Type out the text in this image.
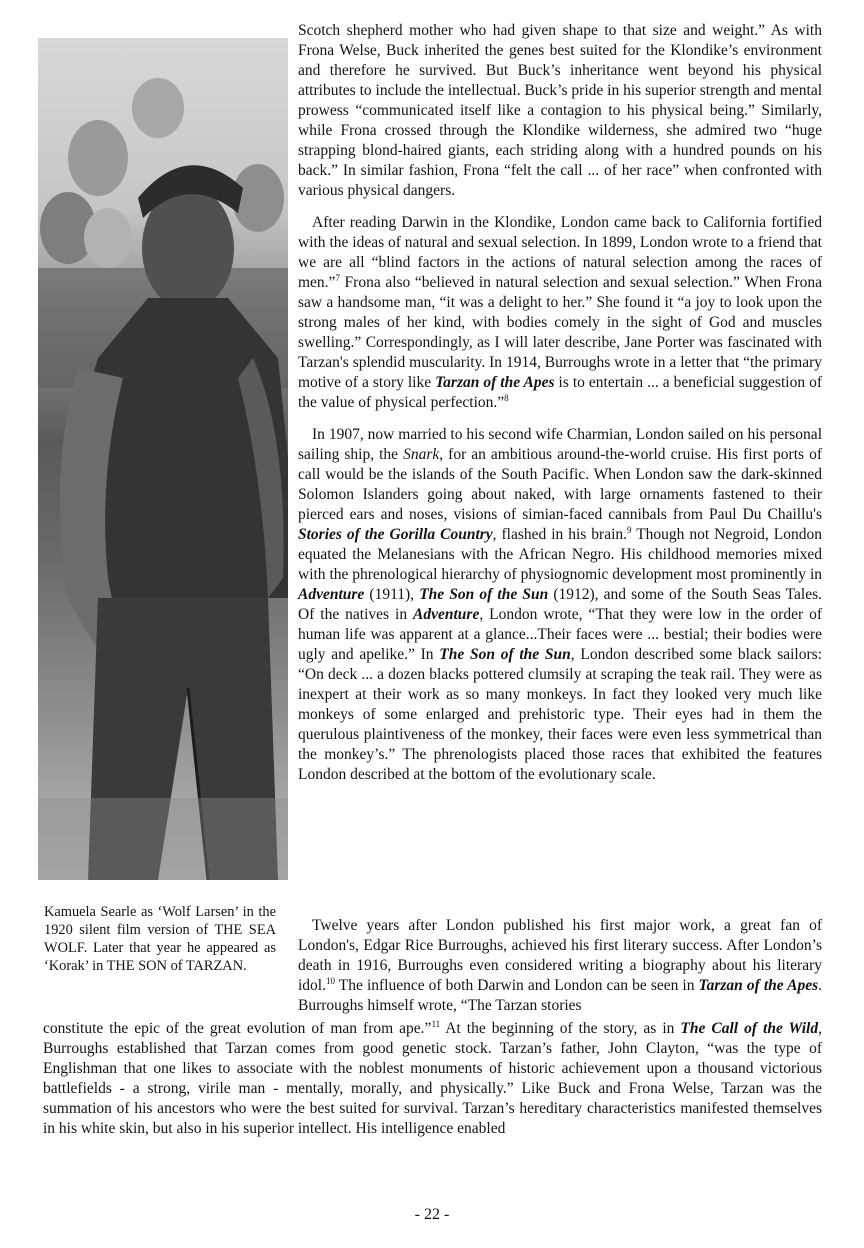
Kamuela Searle as ‘Wolf Larsen’ in the 1920 silent film version of THE SEA WOLF. Later that year he appeared as ‘Korak’ in THE SON of TARZAN.

Scotch shepherd mother who had given shape to that size and weight.” As with Frona Welse, Buck inherited the genes best suited for the Klondike’s environment and therefore he survived. But Buck’s inheritance went beyond his physical attributes to include the intellectual. Buck’s pride in his superior strength and mental prowess “communicated itself like a contagion to his physical being.” Similarly, while Frona crossed through the Klondike wilderness, she admired two “huge strapping blond-haired giants, each striding along with a hundred pounds on his back.” In similar fashion, Frona “felt the call ... of her race” when confronted with various physical dangers.

After reading Darwin in the Klondike, London came back to California fortified with the ideas of natural and sexual selection. In 1899, London wrote to a friend that we are all “blind factors in the actions of natural selection among the races of men.”$^7$ Frona also “believed in natural selection and sexual selection.” When Frona saw a handsome man, “it was a delight to her.” She found it “a joy to look upon the strong males of her kind, with bodies comely in the sight of God and muscles swelling.” Correspondingly, as I will later describe, Jane Porter was fascinated with Tarzan's splendid muscularity. In 1914, Burroughs wrote in a letter that “the primary motive of a story like Tarzan of the Apes is to entertain ... a beneficial suggestion of the value of physical perfection.”$^8$

In 1907, now married to his second wife Charmian, London sailed on his personal sailing ship, the Snark, for an ambitious around-the-world cruise. His first ports of call would be the islands of the South Pacific. When London saw the dark-skinned Solomon Islanders going about naked, with large ornaments fastened to their pierced ears and noses, visions of simian-faced cannibals from Paul Du Chaillu's Stories of the Gorilla Country, flashed in his brain.$^9$ Though not Negroid, London equated the Melanesians with the African Negro. His childhood memories mixed with the phrenological hierarchy of physiognomic development most prominently in Adventure (1911), The Son of the Sun (1912), and some of the South Seas Tales. Of the natives in Adventure, London wrote, “That they were low in the order of human life was apparent at a glance...Their faces were ... bestial; their bodies were ugly and apelike.” In The Son of the Sun, London described some black sailors: “On deck ... a dozen blacks pottered clumsily at scraping the teak rail. They were as inexpert at their work as so many monkeys. In fact they looked very much like monkeys of some enlarged and prehistoric type. Their eyes had in them the querulous plaintiveness of the monkey, their faces were even less symmetrical than the monkey’s.” The phrenologists placed those races that exhibited the features London described at the bottom of the evolutionary scale.

Twelve years after London published his first major work, a great fan of London's, Edgar Rice Burroughs, achieved his first literary success. After London’s death in 1916, Burroughs even considered writing a biography about his literary idol.$^{10}$ The influence of both Darwin and London can be seen in Tarzan of the Apes. Burroughs himself wrote, “The Tarzan stories

constitute the epic of the great evolution of man from ape.”$^{11}$ At the beginning of the story, as in The Call of the Wild, Burroughs established that Tarzan comes from good genetic stock. Tarzan’s father, John Clayton, “was the type of Englishman that one likes to associate with the noblest monuments of historic achievement upon a thousand victorious battlefields - a strong, virile man - mentally, morally, and physically.” Like Buck and Frona Welse, Tarzan was the summation of his ancestors who were the best suited for survival. Tarzan’s hereditary characteristics manifested themselves in his white skin, but also in his superior intellect. His intelligence enabled
- 22 -
